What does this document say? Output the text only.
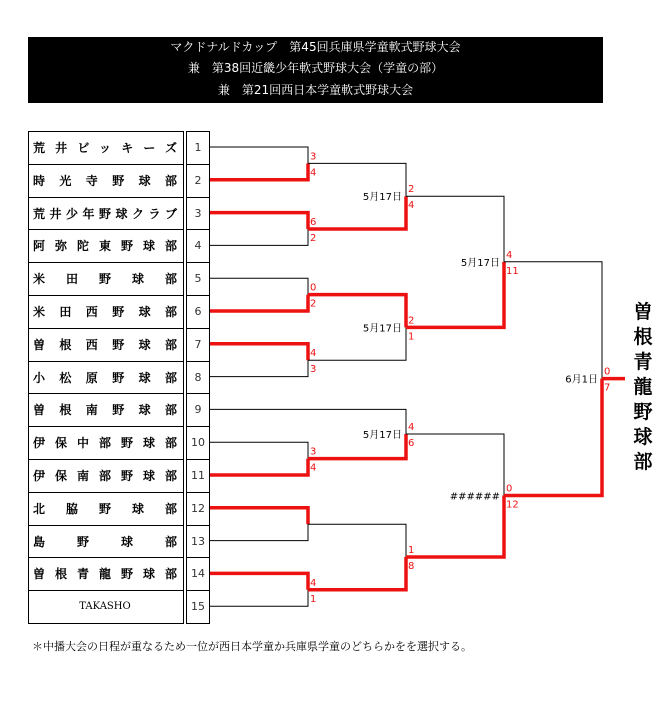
マクドナルドカップ　第45回兵庫県学童軟式野球大会
兼　第38回近畿少年軟式野球大会（学童の部）
兼　第21回西日本学童軟式野球大会
荒井ビッキーズ	1
時光寺野球部	2
荒井少年野球クラブ	3
阿弥陀東野球部	4
米田野球部	5
米田西野球部	6
曽根西野球部	7
小松原野球部	8
曽根南野球部	9
伊保中部野球部	10
伊保南部野球部	11
北脇野球部	12
島野球部	13
曽根青龍野球部	14
TAKASHO	15
3
4
6
2
0
2
4
3
3
4
4
1
2
4
2
1
4
6
1
8
4
11
0
12
0
7
5月17日
5月17日
5月17日
5月17日
######
6月1日
曽
根
青
龍
野
球
部
＊中播大会の日程が重なるため一位が西日本学童か兵庫県学童のどちらかをを選択する。
